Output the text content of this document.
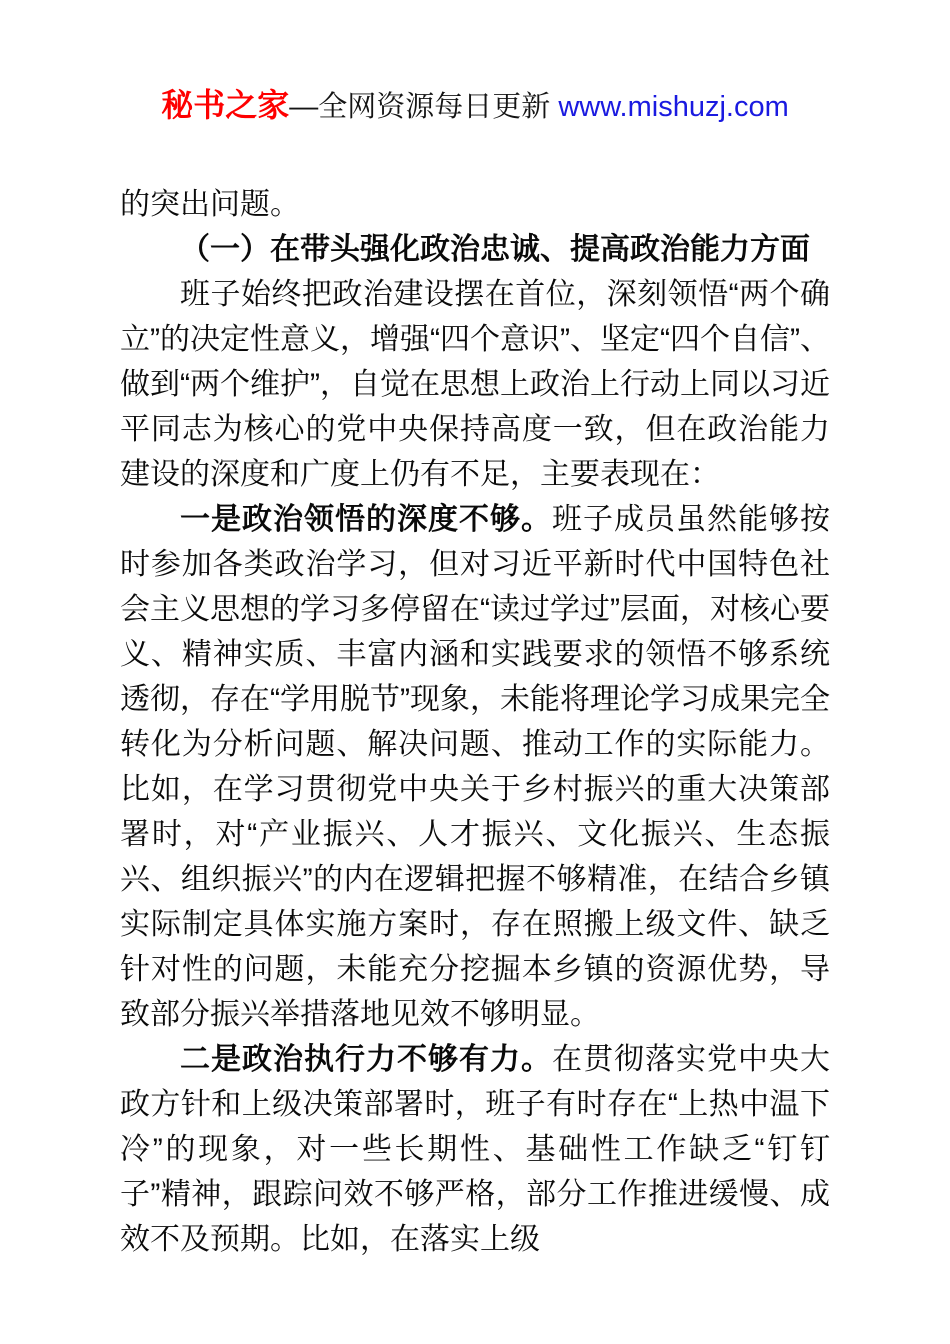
秘书之家—全网资源每日更新 www.mishuzj.com

的突出问题。

（一）在带头强化政治忠诚、提高政治能力方面

班子始终把政治建设摆在首位，深刻领悟“两个确立”的决定性意义，增强“四个意识”、坚定“四个自信”、做到“两个维护”，自觉在思想上政治上行动上同以习近平同志为核心的党中央保持高度一致，但在政治能力建设的深度和广度上仍有不足，主要表现在：

一是政治领悟的深度不够。班子成员虽然能够按时参加各类政治学习，但对习近平新时代中国特色社会主义思想的学习多停留在“读过学过”层面，对核心要义、精神实质、丰富内涵和实践要求的领悟不够系统透彻，存在“学用脱节”现象，未能将理论学习成果完全转化为分析问题、解决问题、推动工作的实际能力。比如，在学习贯彻党中央关于乡村振兴的重大决策部署时，对“产业振兴、人才振兴、文化振兴、生态振兴、组织振兴”的内在逻辑把握不够精准，在结合乡镇实际制定具体实施方案时，存在照搬上级文件、缺乏针对性的问题，未能充分挖掘本乡镇的资源优势，导致部分振兴举措落地见效不够明显。

二是政治执行力不够有力。在贯彻落实党中央大政方针和上级决策部署时，班子有时存在“上热中温下冷”的现象，对一些长期性、基础性工作缺乏“钉钉子”精神，跟踪问效不够严格，部分工作推进缓慢、成效不及预期。比如，在落实上级
